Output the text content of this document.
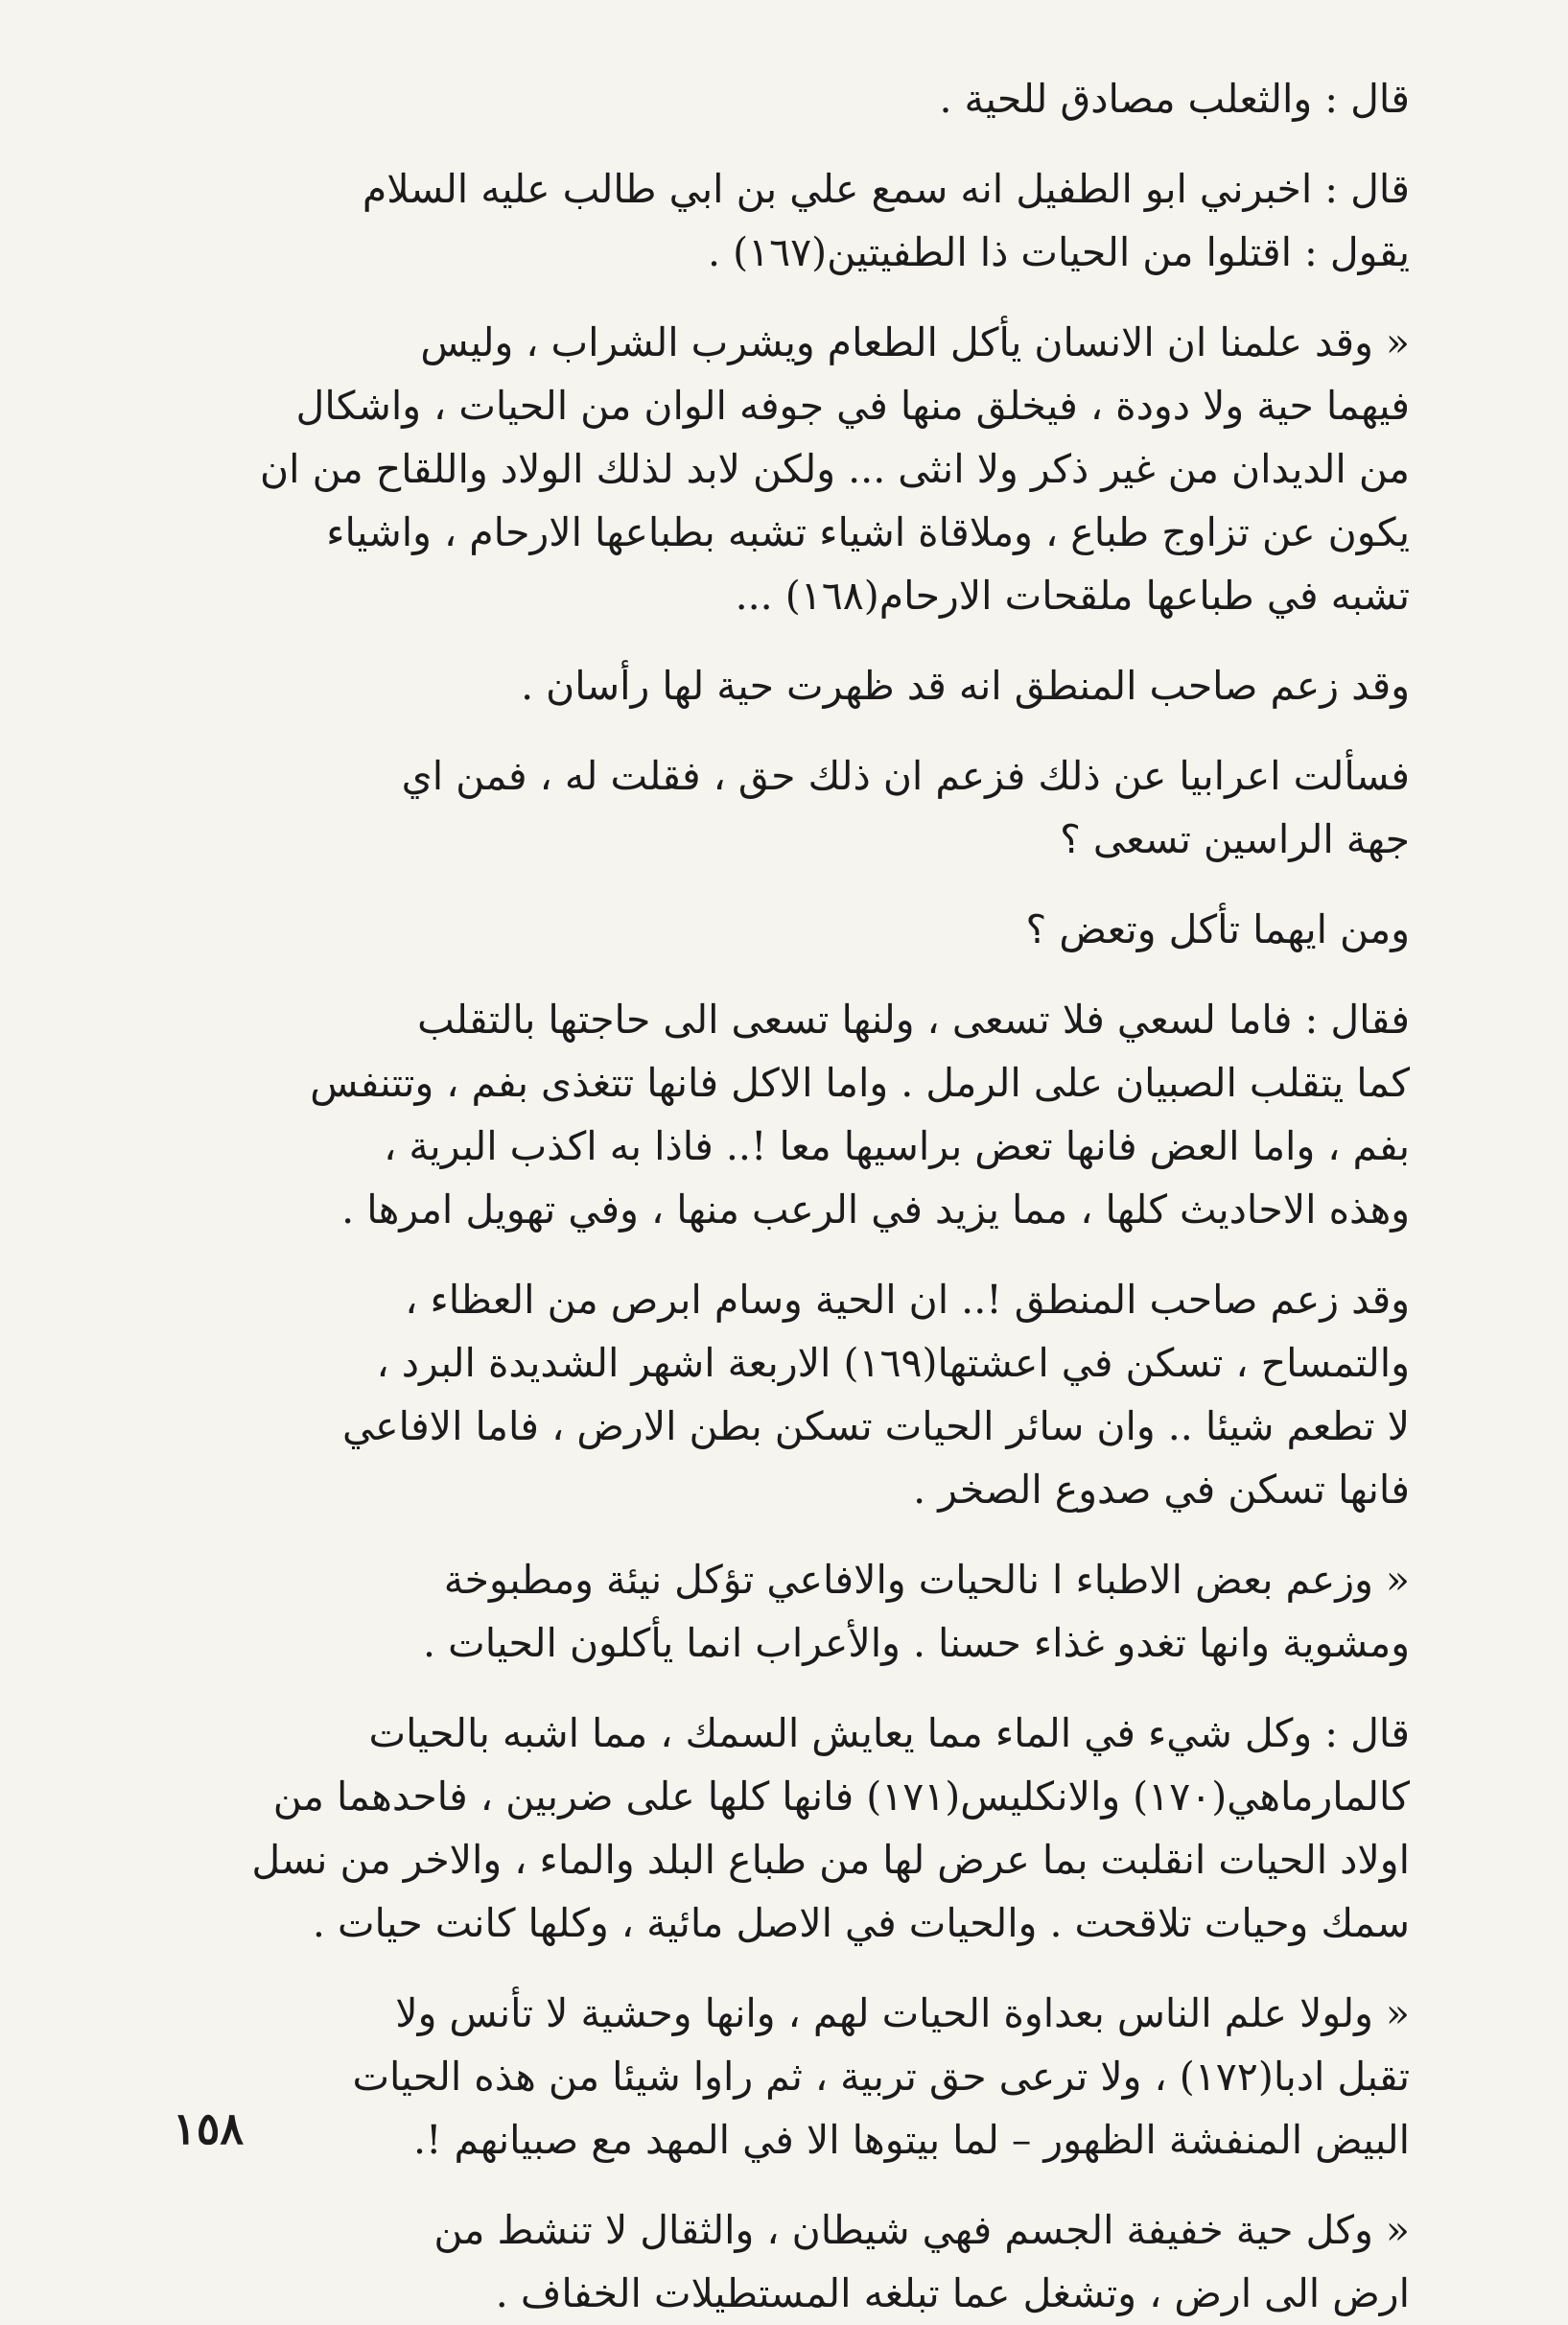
قال : والثعلب مصادق للحية .
قال : اخبرني ابو الطفيل انه سمع علي بن ابي طالب عليه السلام
يقول : اقتلوا من الحيات ذا الطفيتين(١٦٧) .
« وقد علمنا ان الانسان يأكل الطعام ويشرب الشراب ، وليس
فيهما حية ولا دودة ، فيخلق منها في جوفه الوان من الحيات ، واشكال
من الديدان من غير ذكر ولا انثى ... ولكن لابد لذلك الولاد واللقاح من ان
يكون عن تزاوج طباع ، وملاقاة اشياء تشبه بطباعها الارحام ، واشياء
تشبه في طباعها ملقحات الارحام(١٦٨) ...
وقد زعم صاحب المنطق انه قد ظهرت حية لها رأسان .
فسألت اعرابيا عن ذلك فزعم ان ذلك حق ، فقلت له ، فمن اي
جهة الراسين تسعى ؟
ومن ايهما تأكل وتعض ؟
فقال : فاما لسعي فلا تسعى ، ولنها تسعى الى حاجتها بالتقلب
كما يتقلب الصبيان على الرمل . واما الاكل فانها تتغذى بفم ، وتتنفس
بفم ، واما العض فانها تعض براسيها معا !.. فاذا به اكذب البرية ،
وهذه الاحاديث كلها ، مما يزيد في الرعب منها ، وفي تهويل امرها .
وقد زعم صاحب المنطق !.. ان الحية وسام ابرص من العظاء ،
والتمساح ، تسكن في اعشتها(١٦٩) الاربعة اشهر الشديدة البرد ،
لا تطعم شيئا .. وان سائر الحيات تسكن بطن الارض ، فاما الافاعي
فانها تسكن في صدوع الصخر .
« وزعم بعض الاطباء ا نالحيات والافاعي تؤكل نيئة ومطبوخة
ومشوية وانها تغدو غذاء حسنا . والأعراب انما يأكلون الحيات .
قال : وكل شيء في الماء مما يعايش السمك ، مما اشبه بالحيات
كالمارماهي(١٧٠) والانكليس(١٧١) فانها كلها على ضربين ، فاحدهما من
اولاد الحيات انقلبت بما عرض لها من طباع البلد والماء ، والاخر من نسل
سمك وحيات تلاقحت . والحيات في الاصل مائية ، وكلها كانت حيات .
« ولولا علم الناس بعداوة الحيات لهم ، وانها وحشية لا تأنس ولا
تقبل ادبا(١٧٢) ، ولا ترعى حق تربية ، ثم راوا شيئا من هذه الحيات
البيض المنفشة الظهور – لما بيتوها الا في المهد مع صبيانهم !.
« وكل حية خفيفة الجسم فهي شيطان ، والثقال لا تنشط من
ارض الى ارض ، وتشغل عما تبلغه المستطيلات الخفاف .
١٥٨
